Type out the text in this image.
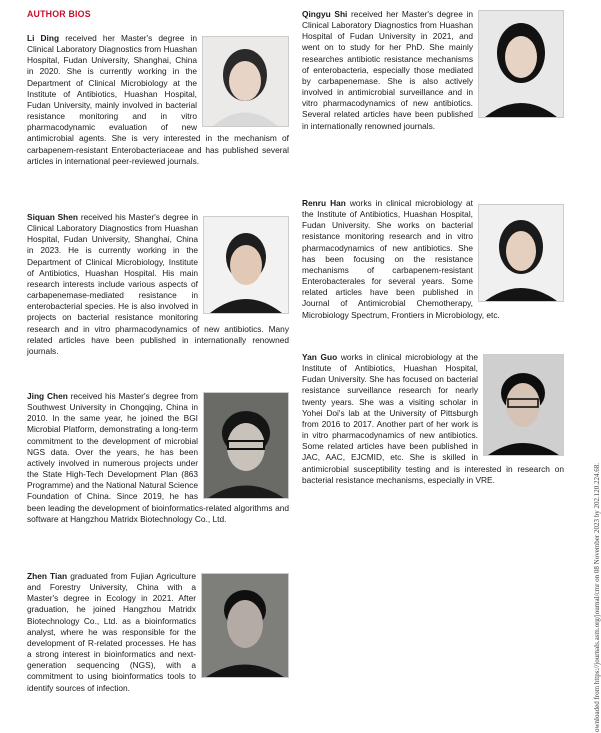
AUTHOR BIOS

Li Ding received her Master's degree in Clinical Laboratory Diagnostics from Huashan Hospital, Fudan University, Shanghai, China in 2020. She is currently working in the Department of Clinical Microbiology at the Institute of Antibiotics, Huashan Hospital, Fudan University, mainly involved in bacterial resistance monitoring and in vitro pharmacodynamic evaluation of new antimicrobial agents. She is very interested in the mechanism of carbapenem-resistant Enterobacteriaceae and has published several articles in international peer-reviewed journals.

Siquan Shen received his Master's degree in Clinical Laboratory Diagnostics from Huashan Hospital, Fudan University, Shanghai, China in 2023. He is currently working in the Department of Clinical Microbiology, Institute of Antibiotics, Huashan Hospital. His main research interests include various aspects of carbapenemase-mediated resistance in enterobacterial species. He is also involved in projects on bacterial resistance monitoring research and in vitro pharmacodynamics of new antibiotics. Many related articles have been published in internationally renowned journals.

Jing Chen received his Master's degree from Southwest University in Chongqing, China in 2010. In the same year, he joined the BGI Microbial Platform, demonstrating a long-term commitment to the development of microbial NGS data. Over the years, he has been actively involved in numerous projects under the State High-Tech Development Plan (863 Programme) and the National Natural Science Foundation of China. Since 2019, he has been leading the development of bioinformatics-related algorithms and software at Hangzhou Matridx Biotechnology Co., Ltd.

Zhen Tian graduated from Fujian Agriculture and Forestry University, China with a Master's degree in Ecology in 2021. After graduation, he joined Hangzhou Matridx Biotechnology Co., Ltd. as a bioinformatics analyst, where he was responsible for the development of R-related processes. He has a strong interest in bioinformatics and next-generation sequencing (NGS), with a commitment to using bioinformatics tools to identify sources of infection.

Qingyu Shi received her Master's degree in Clinical Laboratory Diagnostics from Huashan Hospital of Fudan University in 2021, and went on to study for her PhD. She mainly researches antibiotic resistance mechanisms of enterobacteria, especially those mediated by carbapenemase. She is also actively involved in antimicrobial surveillance and in vitro pharmacodynamics of new antibiotics. Several related articles have been published in internationally renowned journals.

Renru Han works in clinical microbiology at the Institute of Antibiotics, Huashan Hospital, Fudan University. She works on bacterial resistance monitoring research and in vitro pharmacodynamics of new antibiotics. She has been focusing on the resistance mechanisms of carbapenem-resistant Enterobacterales for several years. Some related articles have been published in Journal of Antimicrobial Chemotherapy, Microbiology Spectrum, Frontiers in Microbiology, etc.

Yan Guo works in clinical microbiology at the Institute of Antibiotics, Huashan Hospital, Fudan University. She has focused on bacterial resistance surveillance research for nearly twenty years. She was a visiting scholar in Yohei Doi's lab at the University of Pittsburgh from 2016 to 2017. Another part of her work is in vitro pharmacodynamics of new antibiotics. Some related articles have been published in JAC, AAC, EJCMID, etc. She is skilled in antimicrobial susceptibility testing and is interested in research on bacterial resistance mechanisms, especially in VRE.	ownloaded from https://journals.asm.org/journal/cmr on 08 November 2023 by 202.120.224.68.
